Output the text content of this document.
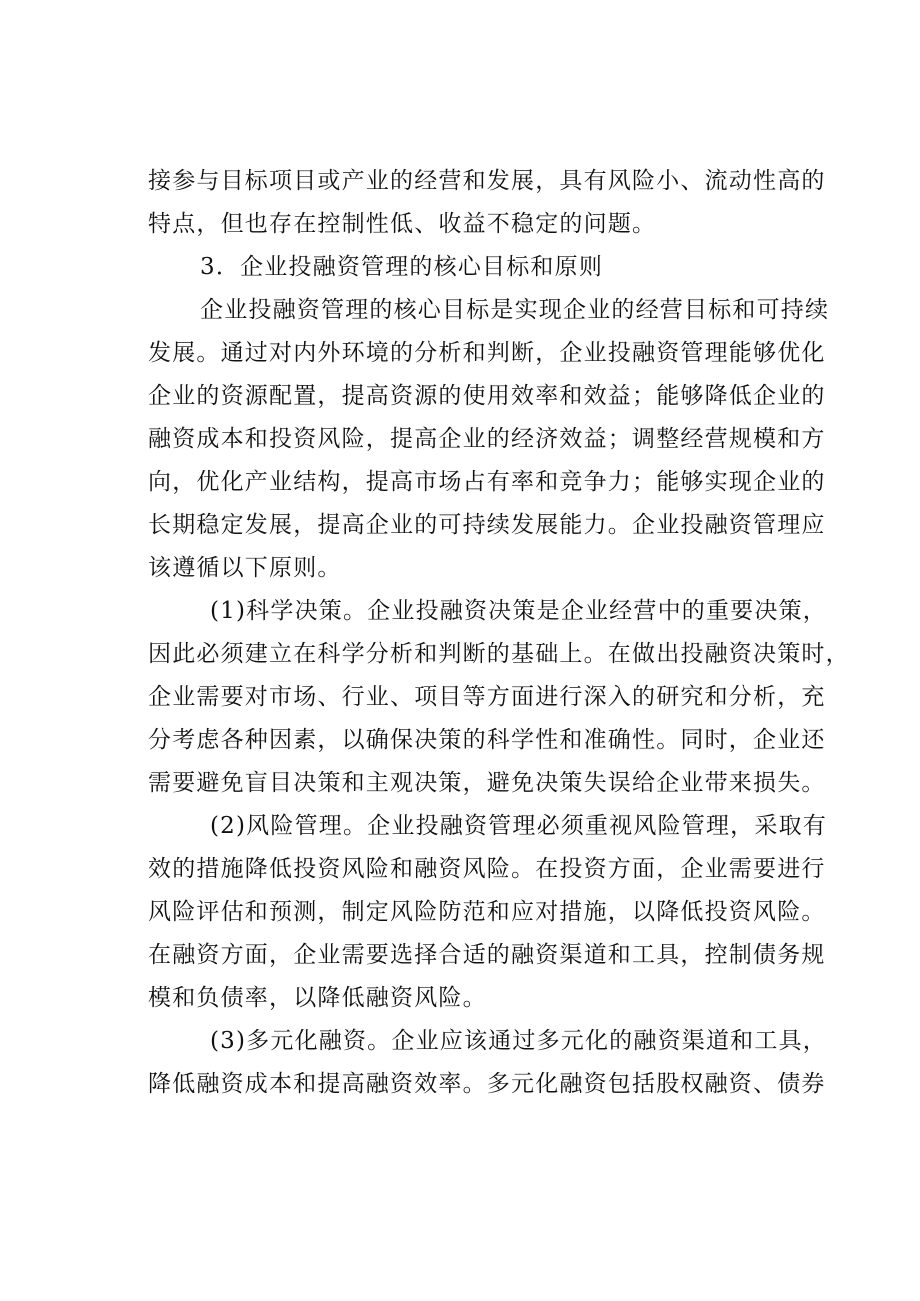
接参与目标项目或产业的经营和发展，具有风险小、流动性高的
特点，但也存在控制性低、收益不稳定的问题。
3．企业投融资管理的核心目标和原则
企业投融资管理的核心目标是实现企业的经营目标和可持续
发展。通过对内外环境的分析和判断，企业投融资管理能够优化
企业的资源配置，提高资源的使用效率和效益；能够降低企业的
融资成本和投资风险，提高企业的经济效益；调整经营规模和方
向，优化产业结构，提高市场占有率和竞争力；能够实现企业的
长期稳定发展，提高企业的可持续发展能力。企业投融资管理应
该遵循以下原则。
(1)科学决策。企业投融资决策是企业经营中的重要决策，
因此必须建立在科学分析和判断的基础上。在做出投融资决策时，
企业需要对市场、行业、项目等方面进行深入的研究和分析，充
分考虑各种因素，以确保决策的科学性和准确性。同时，企业还
需要避免盲目决策和主观决策，避免决策失误给企业带来损失。
(2)风险管理。企业投融资管理必须重视风险管理，采取有
效的措施降低投资风险和融资风险。在投资方面，企业需要进行
风险评估和预测，制定风险防范和应对措施，以降低投资风险。
在融资方面，企业需要选择合适的融资渠道和工具，控制债务规
模和负债率，以降低融资风险。
(3)多元化融资。企业应该通过多元化的融资渠道和工具，
降低融资成本和提高融资效率。多元化融资包括股权融资、债券
